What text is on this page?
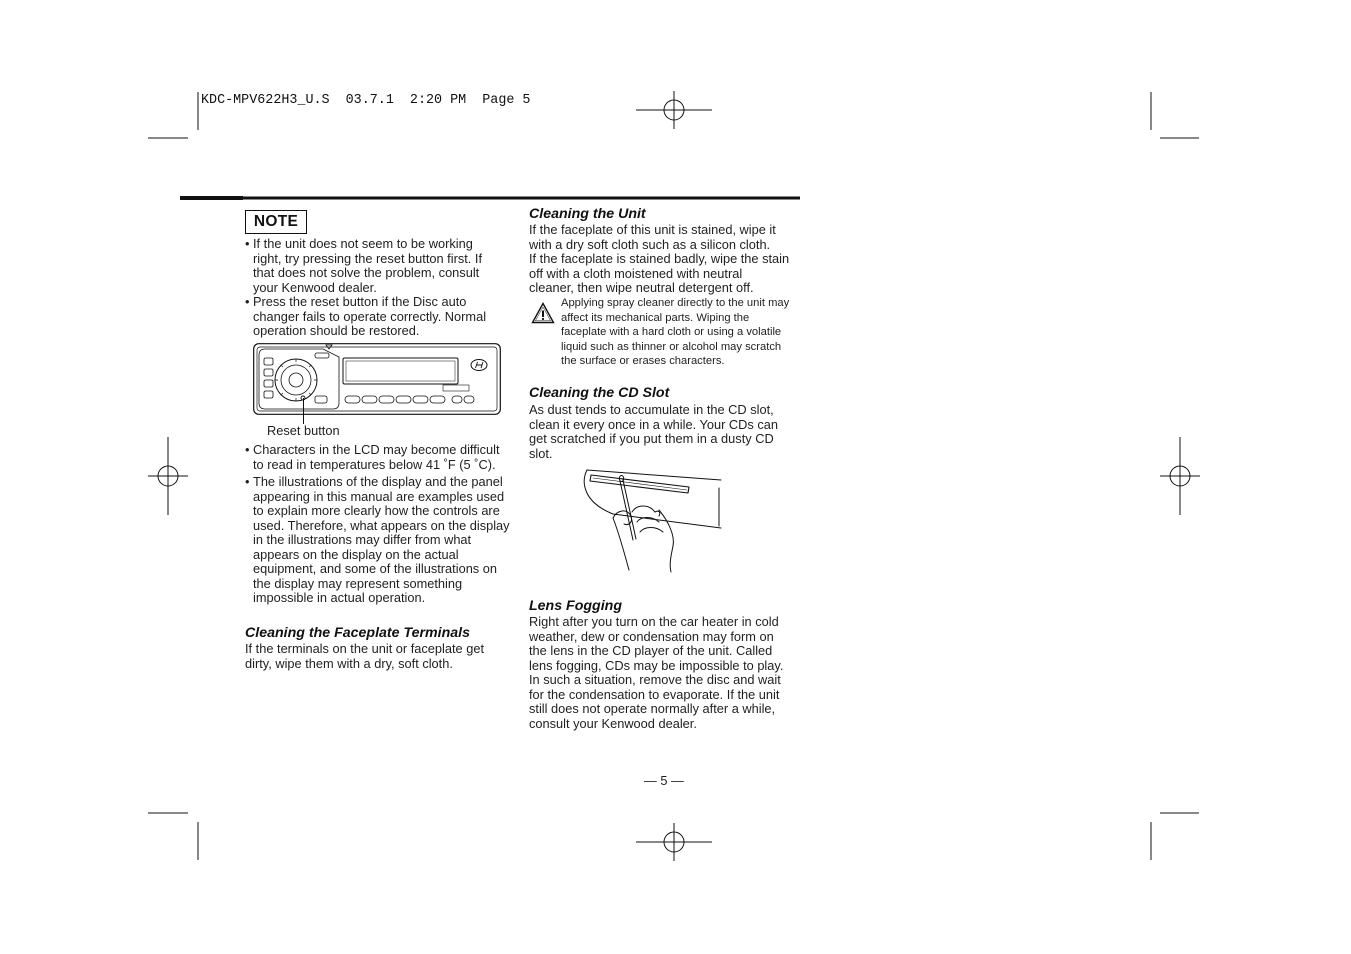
KDC-MPV622H3_U.S  03.7.1  2:20 PM  Page 5
NOTE
• If the unit does not seem to be working
right, try pressing the reset button first. If
that does not solve the problem, consult
your Kenwood dealer.
• Press the reset button if the Disc auto
changer fails to operate correctly. Normal
operation should be restored.
Reset button
• Characters in the LCD may become difficult
to read in temperatures below 41 ˚F (5 ˚C).
• The illustrations of the display and the panel
appearing in this manual are examples used
to explain more clearly how the controls are
used. Therefore, what appears on the display
in the illustrations may differ from what
appears on the display on the actual
equipment, and some of the illustrations on
the display may represent something
impossible in actual operation.
Cleaning the Faceplate Terminals
If the terminals on the unit or faceplate get
dirty, wipe them with a dry, soft cloth.
Cleaning the Unit
If the faceplate of this unit is stained, wipe it
with a dry soft cloth such as a silicon cloth.
If the faceplate is stained badly, wipe the stain
off with a cloth moistened with neutral
cleaner, then wipe neutral detergent off.
Applying spray cleaner directly to the unit may
affect its mechanical parts. Wiping the
faceplate with a hard cloth or using a volatile
liquid such as thinner or alcohol may scratch
the surface or erases characters.
Cleaning the CD Slot
As dust tends to accumulate in the CD slot,
clean it every once in a while. Your CDs can
get scratched if you put them in a dusty CD
slot.
Lens Fogging
Right after you turn on the car heater in cold
weather, dew or condensation may form on
the lens in the CD player of the unit. Called
lens fogging, CDs may be impossible to play.
In such a situation, remove the disc and wait
for the condensation to evaporate. If the unit
still does not operate normally after a while,
consult your Kenwood dealer.
— 5 —
